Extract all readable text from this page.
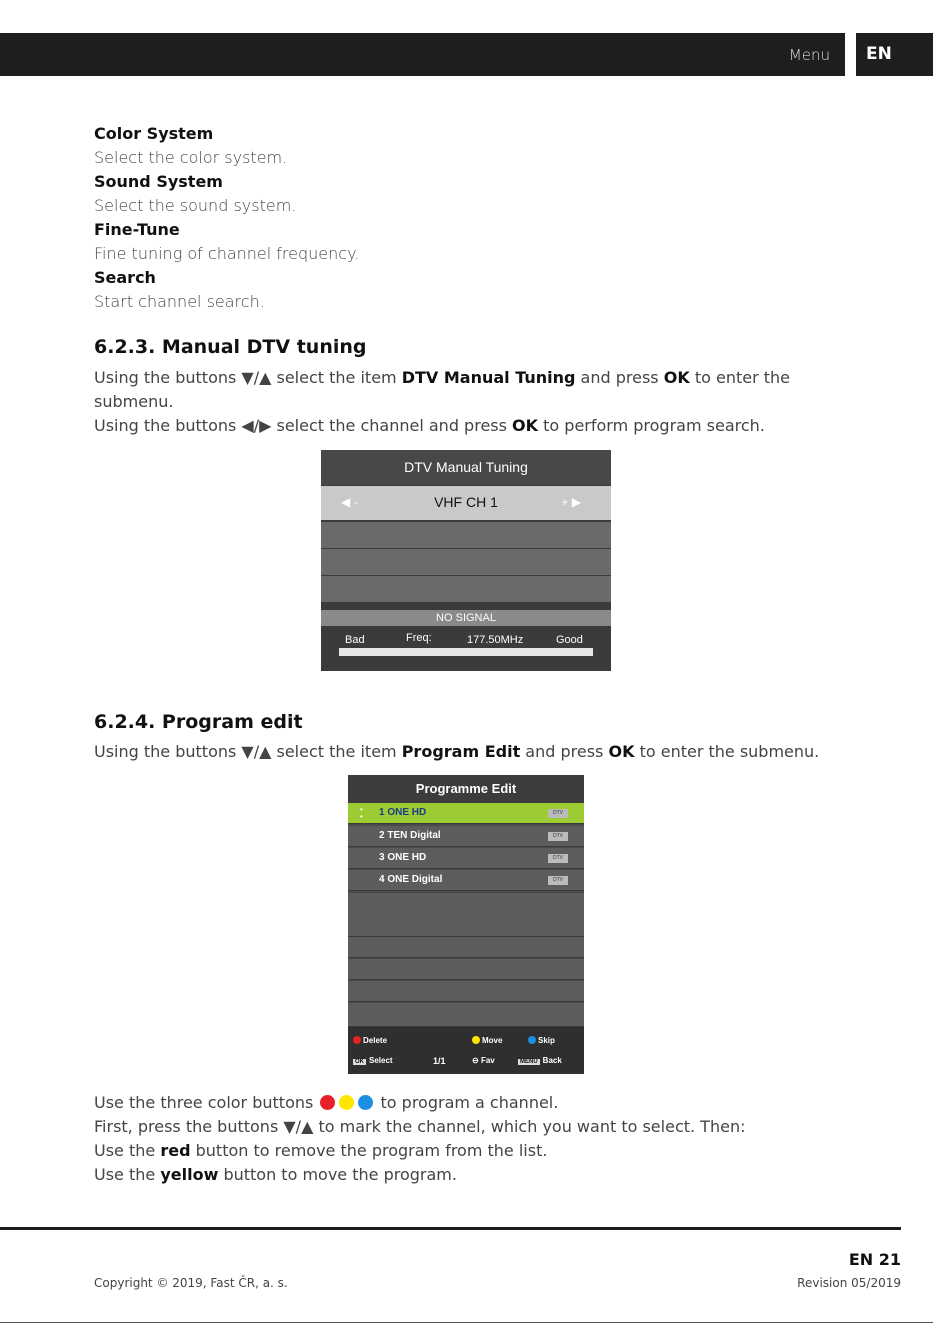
Menu	EN
Color System
Select the color system.
Sound System
Select the sound system.
Fine-Tune
Fine tuning of channel frequency.
Search
Start channel search.
6.2.3. Manual DTV tuning
Using the buttons ▼/▲ select the item DTV Manual Tuning and press OK to enter the
submenu.
Using the buttons ◀/▶ select the channel and press OK to perform program search.
DTV Manual Tuning
◀ -	VHF CH 1	+ ▶
NO SIGNAL
Bad	Freq:	177.50MHz	Good
6.2.4. Program edit
Using the buttons ▼/▲ select the item Program Edit and press OK to enter the submenu.
Programme Edit
•
• 1 ONE HD	DTV
2 TEN Digital	DTV
3 ONE HD	DTV
4 ONE Digital	DTV
Delete	Move	Skip
OK Select	1/1	⊖ Fav	MENU Back
Use the three color buttons	to program a channel.
First, press the buttons ▼/▲ to mark the channel, which you want to select. Then:
Use the red button to remove the program from the list.
Use the yellow button to move the program.
EN 21
Copyright © 2019, Fast ČR, a. s.	Revision 05/2019
